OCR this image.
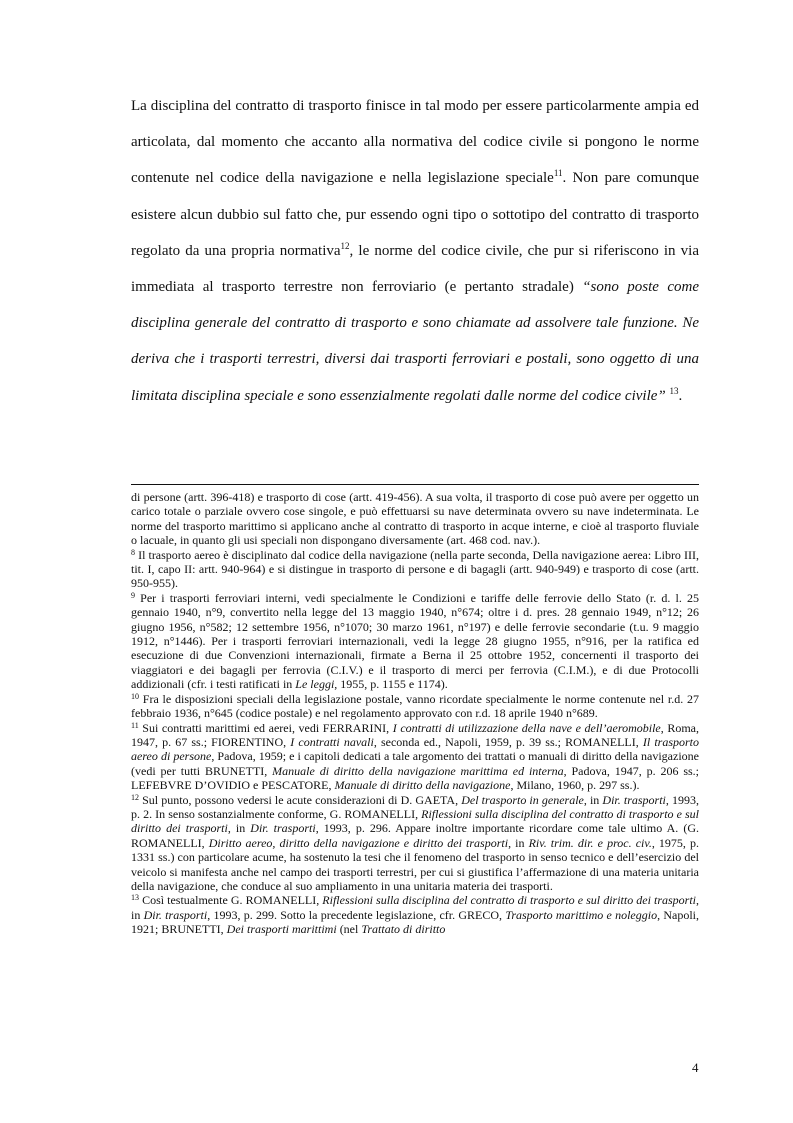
La disciplina del contratto di trasporto finisce in tal modo per essere particolarmente ampia ed articolata, dal momento che accanto alla normativa del codice civile si pongono le norme contenute nel codice della navigazione e nella legislazione speciale$^{11}$. Non pare comunque esistere alcun dubbio sul fatto che, pur essendo ogni tipo o sottotipo del contratto di trasporto regolato da una propria normativa$^{12}$, le norme del codice civile, che pur si riferiscono in via immediata al trasporto terrestre non ferroviario (e pertanto stradale) “sono poste come disciplina generale del contratto di trasporto e sono chiamate ad assolvere tale funzione. Ne deriva che i trasporti terrestri, diversi dai trasporti ferroviari e postali, sono oggetto di una limitata disciplina speciale e sono essenzialmente regolati dalle norme del codice civile” $^{13}$.

di persone (artt. 396-418) e trasporto di cose (artt. 419-456). A sua volta, il trasporto di cose può avere per oggetto un carico totale o parziale ovvero cose singole, e può effettuarsi su nave determinata ovvero su nave indeterminata. Le norme del trasporto marittimo si applicano anche al contratto di trasporto in acque interne, e cioè al trasporto fluviale o lacuale, in quanto gli usi speciali non dispongano diversamente (art. 468 cod. nav.).

$^8$ Il trasporto aereo è disciplinato dal codice della navigazione (nella parte seconda, Della navigazione aerea: Libro III, tit. I, capo II: artt. 940-964) e si distingue in trasporto di persone e di bagagli (artt. 940-949) e trasporto di cose (artt. 950-955).

$^9$ Per i trasporti ferroviari interni, vedi specialmente le Condizioni e tariffe delle ferrovie dello Stato (r. d. l. 25 gennaio 1940, n°9, convertito nella legge del 13 maggio 1940, n°674; oltre i d. pres. 28 gennaio 1949, n°12; 26 giugno 1956, n°582; 12 settembre 1956, n°1070; 30 marzo 1961, n°197) e delle ferrovie secondarie (t.u. 9 maggio 1912, n°1446). Per i trasporti ferroviari internazionali, vedi la legge 28 giugno 1955, n°916, per la ratifica ed esecuzione di due Convenzioni internazionali, firmate a Berna il 25 ottobre 1952, concernenti il trasporto dei viaggiatori e dei bagagli per ferrovia (C.I.V.) e il trasporto di merci per ferrovia (C.I.M.), e di due Protocolli addizionali (cfr. i testi ratificati in Le leggi, 1955, p. 1155 e 1174).

$^{10}$ Fra le disposizioni speciali della legislazione postale, vanno ricordate specialmente le norme contenute nel r.d. 27 febbraio 1936, n°645 (codice postale) e nel regolamento approvato con r.d. 18 aprile 1940 n°689.

$^{11}$ Sui contratti marittimi ed aerei, vedi FERRARINI, I contratti di utilizzazione della nave e dell’aeromobile, Roma, 1947, p. 67 ss.; FIORENTINO, I contratti navali, seconda ed., Napoli, 1959, p. 39 ss.; ROMANELLI, Il trasporto aereo di persone, Padova, 1959; e i capitoli dedicati a tale argomento dei trattati o manuali di diritto della navigazione (vedi per tutti BRUNETTI, Manuale di diritto della navigazione marittima ed interna, Padova, 1947, p. 206 ss.; LEFEBVRE D’OVIDIO e PESCATORE, Manuale di diritto della navigazione, Milano, 1960, p. 297 ss.).

$^{12}$ Sul punto, possono vedersi le acute considerazioni di D. GAETA, Del trasporto in generale, in Dir. trasporti, 1993, p. 2. In senso sostanzialmente conforme, G. ROMANELLI, Riflessioni sulla disciplina del contratto di trasporto e sul diritto dei trasporti, in Dir. trasporti, 1993, p. 296. Appare inoltre importante ricordare come tale ultimo A. (G. ROMANELLI, Diritto aereo, diritto della navigazione e diritto dei trasporti, in Riv. trim. dir. e proc. civ., 1975, p. 1331 ss.) con particolare acume, ha sostenuto la tesi che il fenomeno del trasporto in senso tecnico e dell’esercizio del veicolo si manifesta anche nel campo dei trasporti terrestri, per cui si giustifica l’affermazione di una materia unitaria della navigazione, che conduce al suo ampliamento in una unitaria materia dei trasporti.

$^{13}$ Così testualmente G. ROMANELLI, Riflessioni sulla disciplina del contratto di trasporto e sul diritto dei trasporti, in Dir. trasporti, 1993, p. 299. Sotto la precedente legislazione, cfr. GRECO, Trasporto marittimo e noleggio, Napoli, 1921; BRUNETTI, Dei trasporti marittimi (nel Trattato di diritto

4
